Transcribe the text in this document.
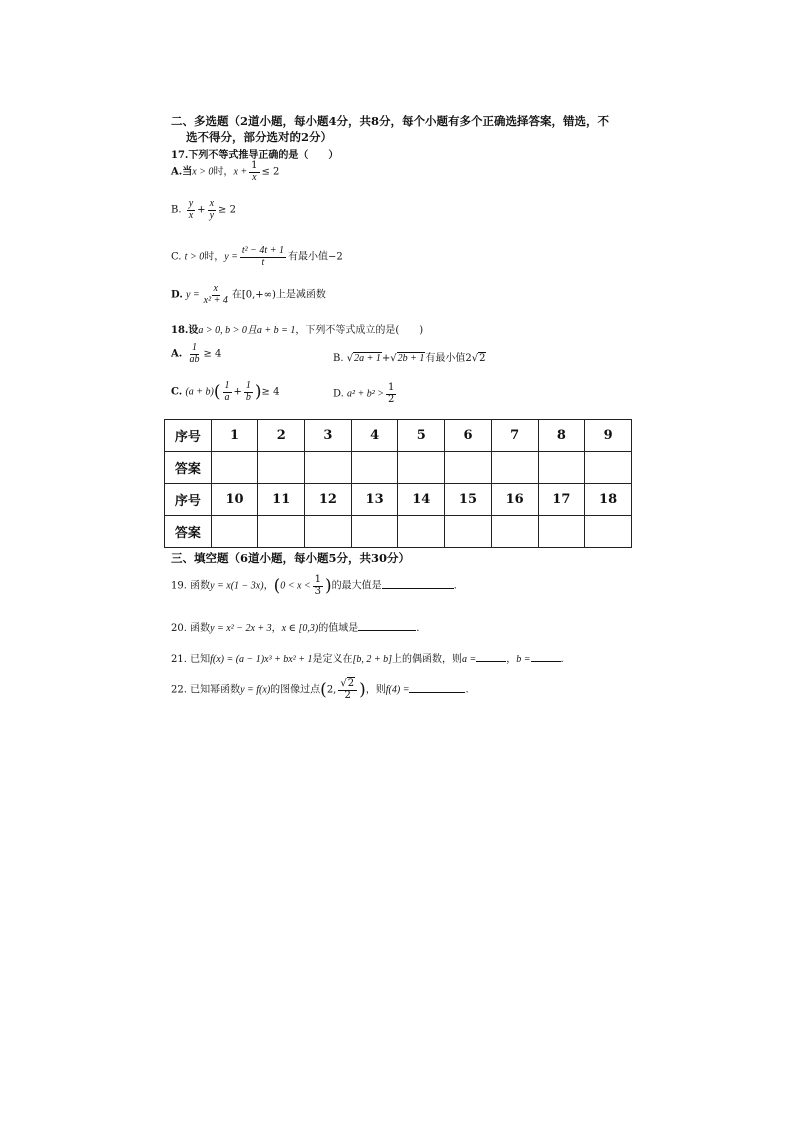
二、多选题（2道小题，每小题4分，共8分，每个小题有多个正确选择答案，错选，不
选不得分，部分选对的2分）
17.下列不等式推导正确的是（　　）
A.当x > 0时，$x + \frac{1}{x} \le 2$
B. $\frac{y}{x} + \frac{x}{y} \ge 2$
C. t > 0时，$y = \frac{\text{t² − 4t + 1}}{t}$ 有最小值−2
D. $y = \frac{x}{\text{x² + 4}}$ 在[0,+∞)上是减函数
18.设a > 0, b > 0且a + b = 1，下列不等式成立的是(　　)
A. $\frac{1}{ab} \ge 4$	B. √2a + 1+√2b + 1有最小值2√2
C. $(a + b)( \frac{1}{a} + \frac{1}{b}$ )≥ 4	D. $a^2 + b^2 > \frac{1}{2}$
序号	1	2	3	4	5	6	7	8	9
答案									
序号	10	11	12	13	14	15	16	17	18
答案									
三、填空题（6道小题，每小题5分，共30分）
19. 函数y = x(1 − 3x)，($0 < x < \frac{1}{3}$ )的最大值是	.
20. 函数y = x² − 2x + 3，x ∈ [0,3)的值域是	.
21. 已知f(x) = (a − 1)x³ + bx² + 1是定义在[b, 2 + b]上的偶函数，则a =	，b =	.
22. 已知幂函数y = f(x)的图像过点(2, $\frac{√2}{2}$ )，则f(4) =	.
